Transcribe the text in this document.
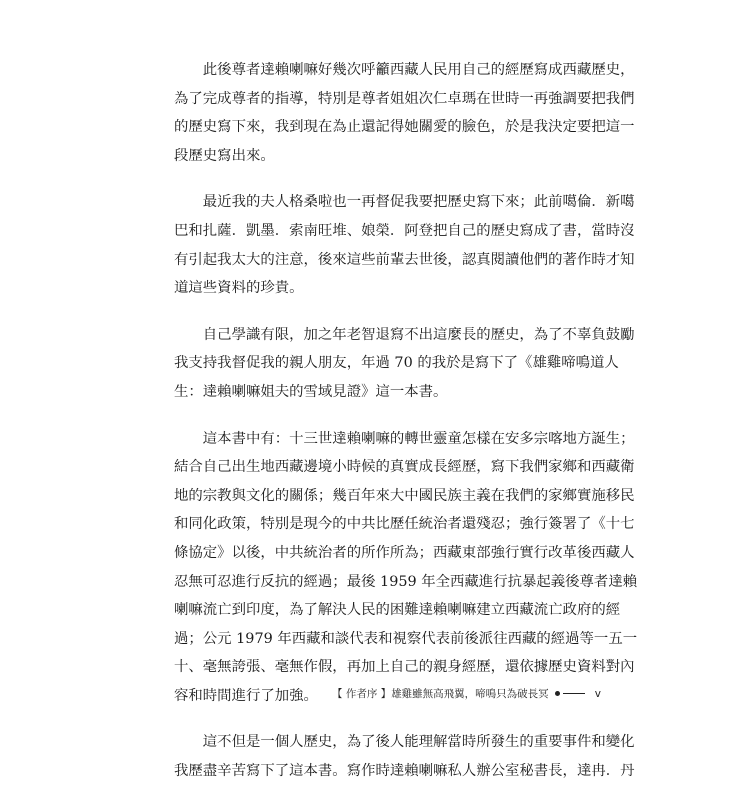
　　此後尊者達賴喇嘛好幾次呼籲西藏人民用自己的經歷寫成西藏歷史，
為了完成尊者的指導，特別是尊者姐姐次仁卓瑪在世時一再強調要把我們
的歷史寫下來，我到現在為止還記得她關愛的臉色，於是我決定要把這一
段歷史寫出來。

　　最近我的夫人格桑啦也一再督促我要把歷史寫下來；此前噶倫．新噶
巴和扎薩．凱墨．索南旺堆、娘榮．阿登把自己的歷史寫成了書，當時沒
有引起我太大的注意，後來這些前輩去世後，認真閱讀他們的著作時才知
道這些資料的珍貴。

　　自己學識有限，加之年老智退寫不出這麼長的歷史，為了不辜負鼓勵
我支持我督促我的親人朋友，年過 70 的我於是寫下了《雄雞啼鳴道人
生：達賴喇嘛姐夫的雪域見證》這一本書。

　　這本書中有：十三世達賴喇嘛的轉世靈童怎樣在安多宗喀地方誕生；
結合自己出生地西藏邊境小時候的真實成長經歷，寫下我們家鄉和西藏衛
地的宗教與文化的關係；幾百年來大中國民族主義在我們的家鄉實施移民
和同化政策，特別是現今的中共比歷任統治者還殘忍；強行簽署了《十七
條協定》以後，中共統治者的所作所為；西藏東部強行實行改革後西藏人
忍無可忍進行反抗的經過；最後 1959 年全西藏進行抗暴起義後尊者達賴
喇嘛流亡到印度，為了解決人民的困難達賴喇嘛建立西藏流亡政府的經
過；公元 1979 年西藏和談代表和視察代表前後派往西藏的經過等一五一
十、毫無誇張、毫無作假，再加上自己的親身經歷，還依據歷史資料對內
容和時間進行了加強。

　　這不但是一個人歷史，為了後人能理解當時所發生的重要事件和變化
我歷盡辛苦寫下了這本書。寫作時達賴喇嘛私人辦公室秘書長，達冉．丹

【 作者序 】 雄雞雖無高飛翼，啼鳴只為破長冥	v
